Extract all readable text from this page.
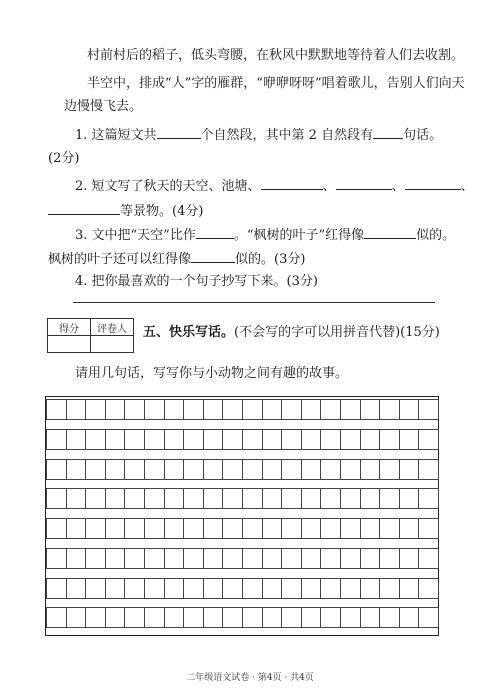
村前村后的稻子，低头弯腰，在秋风中默默地等待着人们去收割。
半空中，排成“人”字的雁群，“咿咿呀呀”唱着歌儿，告别人们向天
边慢慢飞去。
1. 这篇短文共	个自然段，其中第 2 自然段有 句话。
(2分)
2. 短文写了秋天的天空、池塘、	、	、	、
等景物。(4分)
3. 文中把“天空”比作	。“枫树的叶子”红得像	似的。
枫树的叶子还可以红得像	似的。(3分)
4. 把你最喜欢的一个句子抄写下来。(3分)
得分	评卷人
	五、快乐写话。(不会写的字可以用拼音代替)(15分)
请用几句话，写写你与小动物之间有趣的故事。
二年级语文试卷 · 第4页 · 共4页
